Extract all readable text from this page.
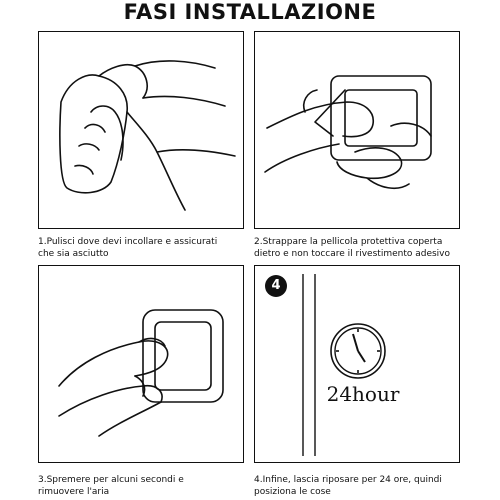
FASI INSTALLAZIONE
1.Pulisci dove devi incollare e assicurati
che sia asciutto
2.Strappare la pellicola protettiva coperta
dietro e non toccare il rivestimento adesivo
3.Spremere per alcuni secondi e
rimuovere l'aria
4
24hour
4.Infine, lascia riposare per 24 ore, quindi
posiziona le cose
